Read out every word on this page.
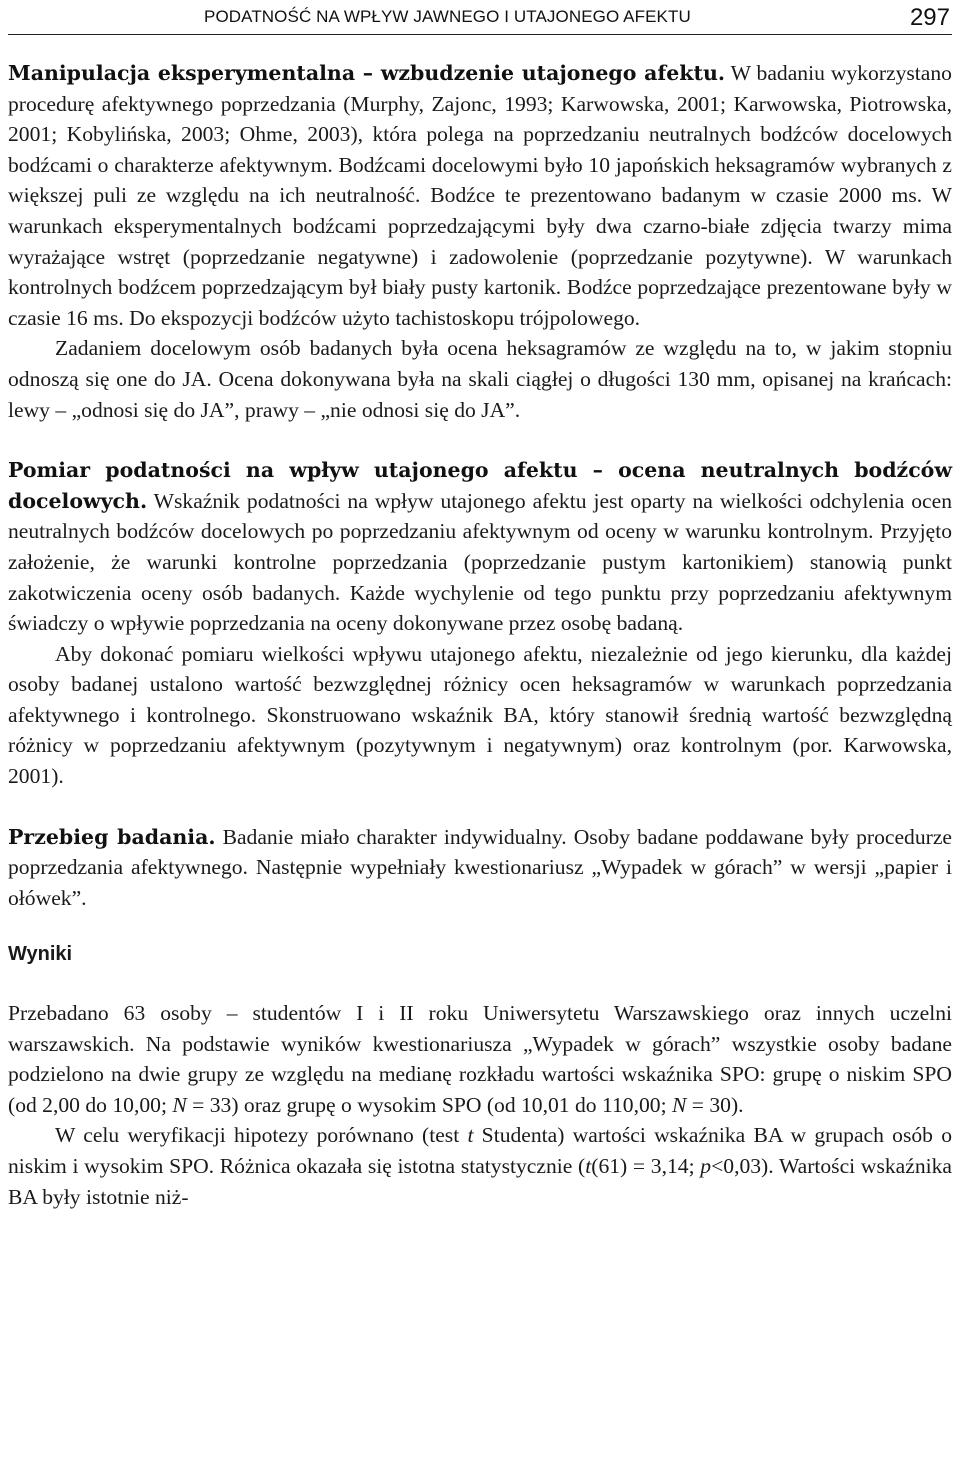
PODATNOŚĆ NA WPŁYW JAWNEGO I UTAJONEGO AFEKTU	297

Manipulacja eksperymentalna – wzbudzenie utajonego afektu. W badaniu wykorzystano procedurę afektywnego poprzedzania (Murphy, Zajonc, 1993; Karwowska, 2001; Karwowska, Piotrowska, 2001; Kobylińska, 2003; Ohme, 2003), która polega na poprzedzaniu neutralnych bodźców docelowych bodźcami o charakterze afektywnym. Bodźcami docelowymi było 10 japońskich heksagramów wybranych z większej puli ze względu na ich neutralność. Bodźce te prezentowano badanym w czasie 2000 ms. W warunkach eksperymentalnych bodźcami poprzedzającymi były dwa czarno-białe zdjęcia twarzy mima wyrażające wstręt (poprzedzanie negatywne) i zadowolenie (poprzedzanie pozytywne). W warunkach kontrolnych bodźcem poprzedzającym był biały pusty kartonik. Bodźce poprzedzające prezentowane były w czasie 16 ms. Do ekspozycji bodźców użyto tachistoskopu trójpolowego.

Zadaniem docelowym osób badanych była ocena heksagramów ze względu na to, w jakim stopniu odnoszą się one do JA. Ocena dokonywana była na skali ciągłej o długości 130 mm, opisanej na krańcach: lewy – „odnosi się do JA”, prawy – „nie odnosi się do JA”.

Pomiar podatności na wpływ utajonego afektu – ocena neutralnych bodźców docelowych. Wskaźnik podatności na wpływ utajonego afektu jest oparty na wielkości odchylenia ocen neutralnych bodźców docelowych po poprzedzaniu afektywnym od oceny w warunku kontrolnym. Przyjęto założenie, że warunki kontrolne poprzedzania (poprzedzanie pustym kartonikiem) stanowią punkt zakotwiczenia oceny osób badanych. Każde wychylenie od tego punktu przy poprzedzaniu afektywnym świadczy o wpływie poprzedzania na oceny dokonywane przez osobę badaną.

Aby dokonać pomiaru wielkości wpływu utajonego afektu, niezależnie od jego kierunku, dla każdej osoby badanej ustalono wartość bezwzględnej różnicy ocen heksagramów w warunkach poprzedzania afektywnego i kontrolnego. Skonstruowano wskaźnik BA, który stanowił średnią wartość bezwzględną różnicy w poprzedzaniu afektywnym (pozytywnym i negatywnym) oraz kontrolnym (por. Karwowska, 2001).

Przebieg badania. Badanie miało charakter indywidualny. Osoby badane poddawane były procedurze poprzedzania afektywnego. Następnie wypełniały kwestionariusz „Wypadek w górach” w wersji „papier i ołówek”.

Wyniki

Przebadano 63 osoby – studentów I i II roku Uniwersytetu Warszawskiego oraz innych uczelni warszawskich. Na podstawie wyników kwestionariusza „Wypadek w górach” wszystkie osoby badane podzielono na dwie grupy ze względu na medianę rozkładu wartości wskaźnika SPO: grupę o niskim SPO (od 2,00 do 10,00; N = 33) oraz grupę o wysokim SPO (od 10,01 do 110,00; N = 30).

W celu weryfikacji hipotezy porównano (test t Studenta) wartości wskaźnika BA w grupach osób o niskim i wysokim SPO. Różnica okazała się istotna statystycznie (t(61) = 3,14; p<0,03). Wartości wskaźnika BA były istotnie niż-
